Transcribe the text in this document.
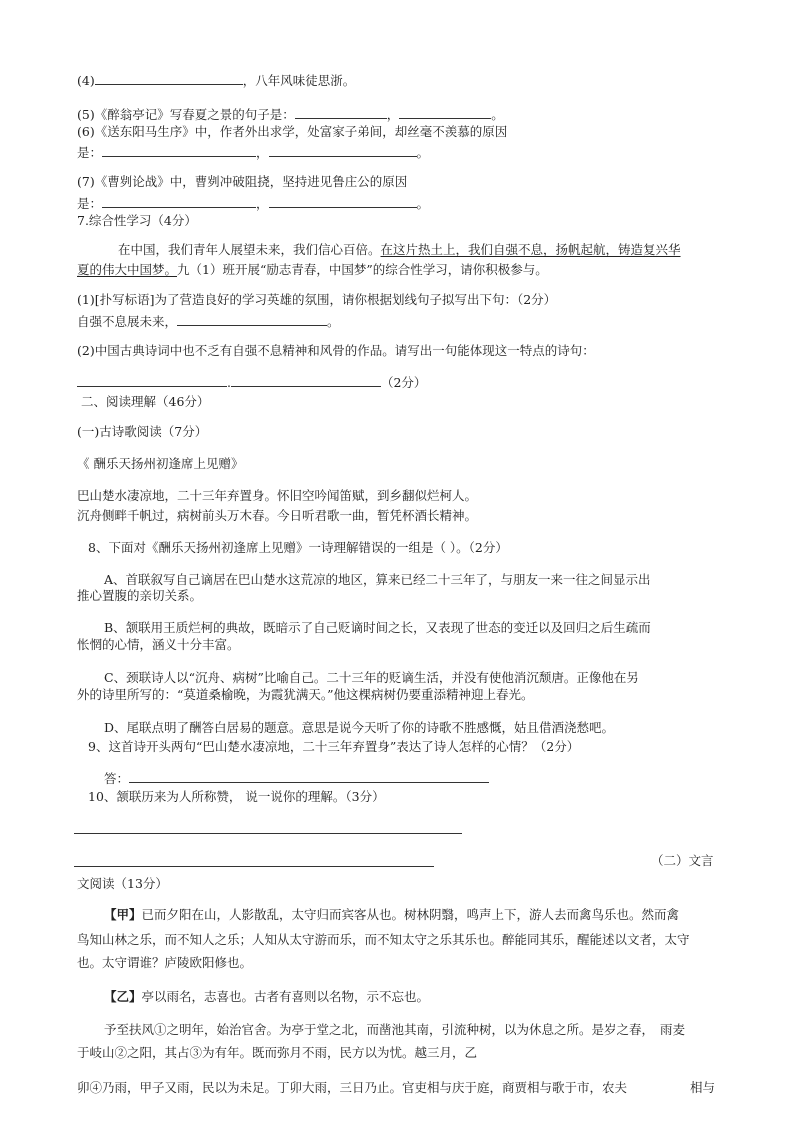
(4)	，八年风味徒思浙。
(5)《醉翁亭记》写春夏之景的句子是：	，	。
(6)《送东阳马生序》中，作者外出求学，处富家子弟间，却丝毫不羡慕的原因
是：	，	。
(7)《曹刿论战》中，曹刿冲破阻挠，坚持进见鲁庄公的原因
是：	，	。
7.综合性学习（4分）
在中国，我们青年人展望未来，我们信心百倍。在这片热土上，我们自强不息，扬帆起航，铸造复兴华
夏的伟大中国梦。九（1）班开展“励志青春，中国梦”的综合性学习，请你积极参与。
(1)[扑写标语]为了营造良好的学习英雄的氛围，请你根据划线句子拟写出下句：（2分）
自强不息展未来，	。
(2)中国古典诗词中也不乏有自强不息精神和风骨的作品。请写出一句能体现这一特点的诗句：
.	（2分）
二、阅读理解（46分）
(一)古诗歌阅读（7分）
《 酬乐天扬州初逢席上见赠》
巴山楚水凄凉地，二十三年弃置身。怀旧空吟闻笛赋，到乡翻似烂柯人。
沉舟侧畔千帆过，病树前头万木春。今日听君歌一曲，暂凭杯酒长精神。
8、下面对《酬乐天扬州初逢席上见赠》一诗理解错误的一组是（ ）。（2分）
A、首联叙写自己谪居在巴山楚水这荒凉的地区，算来已经二十三年了，与朋友一来一往之间显示出
推心置腹的亲切关系。
B、颔联用王质烂柯的典故，既暗示了自己贬谪时间之长，又表现了世态的变迁以及回归之后生疏而
怅惘的心情，涵义十分丰富。
C、颈联诗人以“沉舟、病树”比喻自己。二十三年的贬谪生活，并没有使他消沉颓唐。正像他在另
外的诗里所写的：“莫道桑榆晚，为霞犹满天。”他这棵病树仍要重添精神迎上春光。
D、尾联点明了酬答白居易的题意。意思是说今天听了你的诗歌不胜感慨，姑且借酒浇愁吧。
9、这首诗开头两句“巴山楚水凄凉地，二十三年弃置身”表达了诗人怎样的心情？（2分）
答：
10、颔联历来为人所称赞， 说一说你的理解。（3分）
（二）文言
文阅读（13分）
【甲】已而夕阳在山，人影散乱，太守归而宾客从也。树林阴翳，鸣声上下，游人去而禽鸟乐也。然而禽
鸟知山林之乐，而不知人之乐；人知从太守游而乐，而不知太守之乐其乐也。醉能同其乐，醒能述以文者，太守
也。太守谓谁？庐陵欧阳修也。
【乙】亭以雨名，志喜也。古者有喜则以名物，示不忘也。
予至扶风①之明年，始治官舍。为亭于堂之北，而凿池其南，引流种树，以为休息之所。是岁之春， 雨麦
于岐山②之阳，其占③为有年。既而弥月不雨，民方以为忧。越三月，乙
卯④乃雨，甲子又雨，民以为未足。丁卯大雨，三日乃止。官吏相与庆于庭，商贾相与歌于市，农夫	相与
